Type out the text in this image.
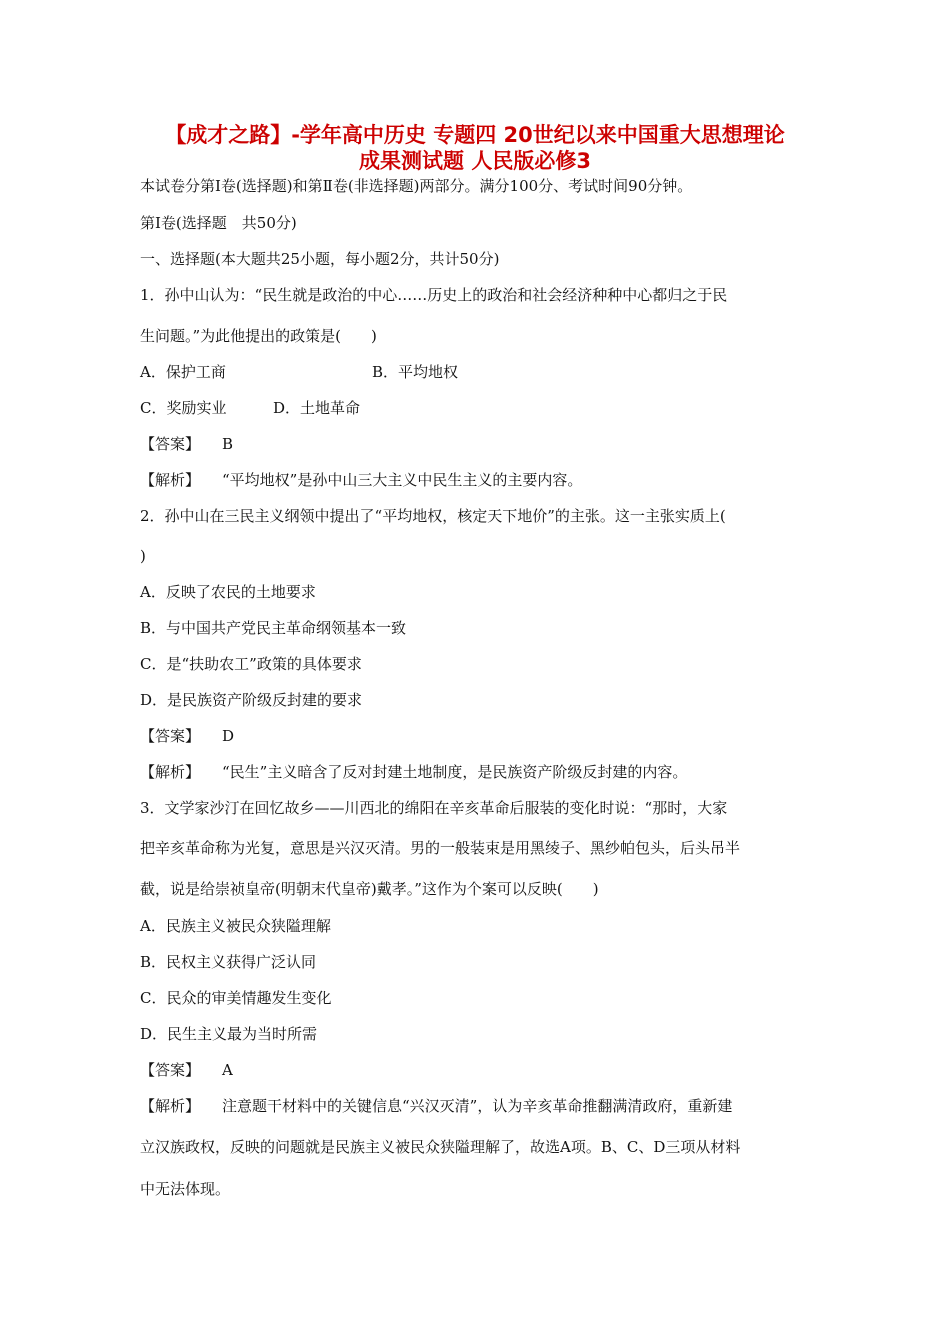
【成才之路】-学年高中历史 专题四 20世纪以来中国重大思想理论
成果测试题 人民版必修3
本试卷分第Ⅰ卷(选择题)和第Ⅱ卷(非选择题)两部分。满分100分、考试时间90分钟。
第Ⅰ卷(选择题　共50分)
一、选择题(本大题共25小题，每小题2分，共计50分)
1．孙中山认为：“民生就是政治的中心……历史上的政治和社会经济种种中心都归之于民
生问题。”为此他提出的政策是(　　)
A．保护工商	B．平均地权
C．奖励实业	D．土地革命
【答案】 B
【解析】 “平均地权”是孙中山三大主义中民生主义的主要内容。
2．孙中山在三民主义纲领中提出了“平均地权，核定天下地价”的主张。这一主张实质上(
)
A．反映了农民的土地要求
B．与中国共产党民主革命纲领基本一致
C．是“扶助农工”政策的具体要求
D．是民族资产阶级反封建的要求
【答案】 D
【解析】 “民生”主义暗含了反对封建土地制度，是民族资产阶级反封建的内容。
3．文学家沙汀在回忆故乡——川西北的绵阳在辛亥革命后服装的变化时说：“那时，大家
把辛亥革命称为光复，意思是兴汉灭清。男的一般装束是用黑绫子、黑纱帕包头，后头吊半
截，说是给崇祯皇帝(明朝末代皇帝)戴孝。”这作为个案可以反映(　　)
A．民族主义被民众狭隘理解
B．民权主义获得广泛认同
C．民众的审美情趣发生变化
D．民生主义最为当时所需
【答案】 A
【解析】 注意题干材料中的关键信息“兴汉灭清”，认为辛亥革命推翻满清政府，重新建
立汉族政权，反映的问题就是民族主义被民众狭隘理解了，故选A项。B、C、D三项从材料
中无法体现。
